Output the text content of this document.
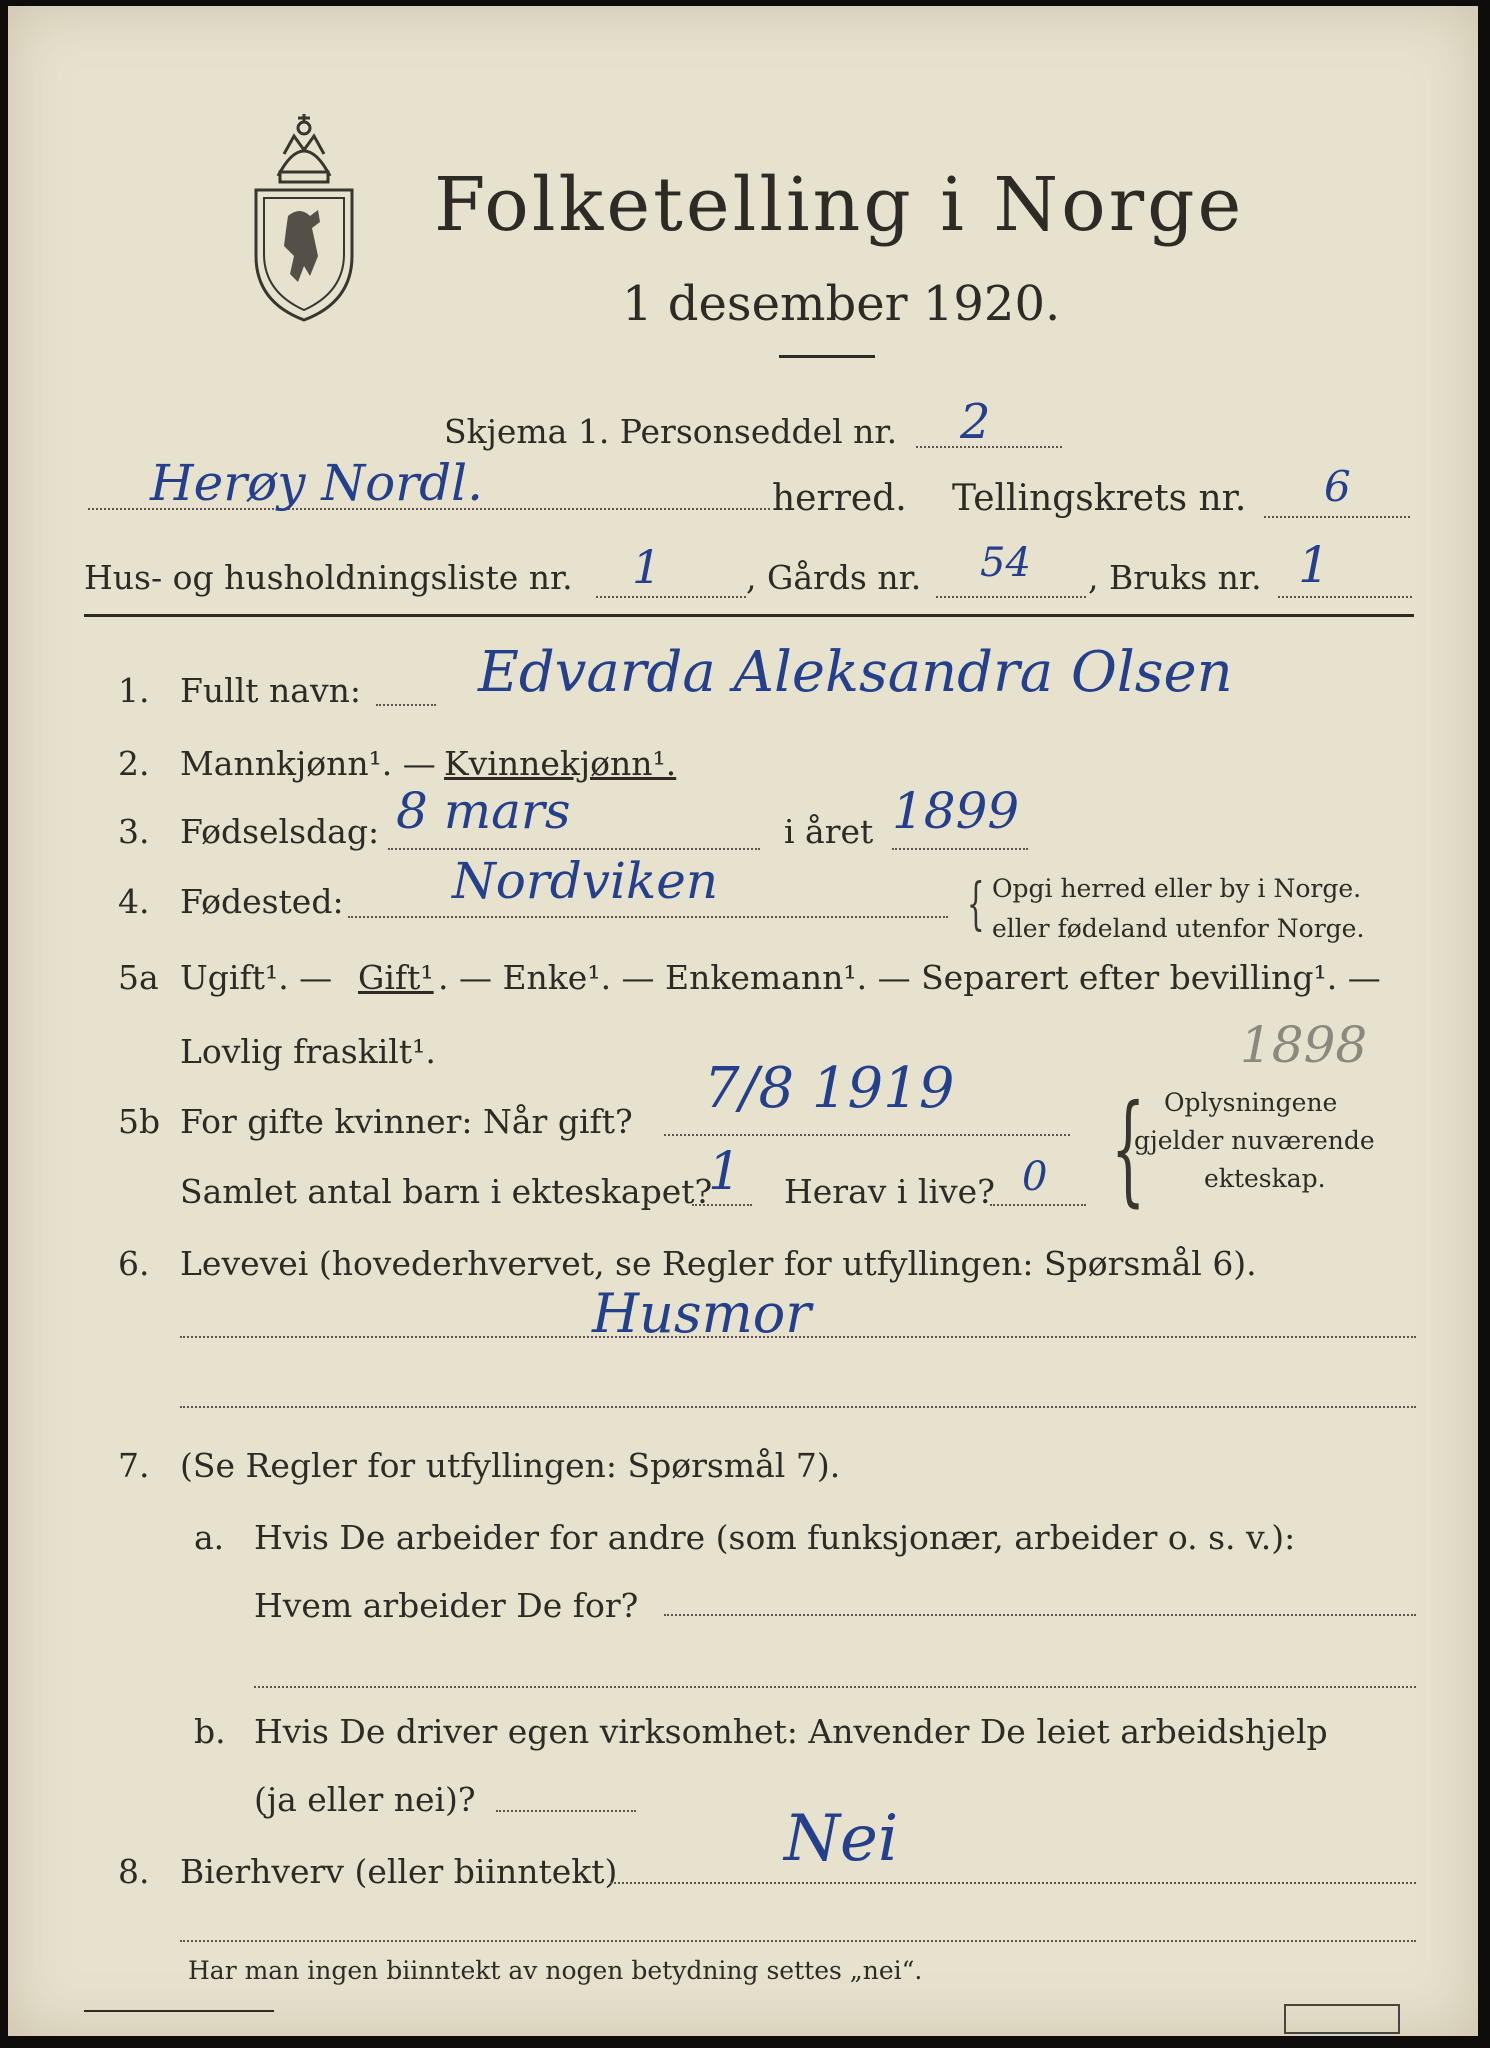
Folketelling i Norge
1 desember 1920.
Skjema 1. Personseddel nr. 2
Herøy Nordl.	herred. Tellingskrets nr. 6
Hus- og husholdningsliste nr. 1	, Gårds nr. 54 , Bruks nr. 1
1. Fullt navn: Edvarda Aleksandra Olsen
2. Mannkjønn¹. — Kvinnekjønn¹.
3. Fødselsdag: 8 mars	i året 1899
4. Fødested: Nordviken	{ Opgi herred eller by i Norge.
eller fødeland utenfor Norge.
5a Ugift¹. — Gift¹ . — Enke¹. — Enkemann¹. — Separert efter bevilling¹. —
Lovlig fraskilt¹.	1898
5b For gifte kvinner: Når gift?
7/8 1919
Samlet antal barn i ekteskapet?
1 Herav i live? 0 { Oplysningene
gjelder nuværende
ekteskap.
6. Levevei (hovederhvervet, se Regler for utfyllingen: Spørsmål 6).
Husmor
7. (Se Regler for utfyllingen: Spørsmål 7).
a. Hvis De arbeider for andre (som funksjonær, arbeider o. s. v.):
Hvem arbeider De for?
b. Hvis De driver egen virksomhet: Anvender De leiet arbeidshjelp
(ja eller nei)?
8. Bierhverv (eller biinntekt)	Nei
Har man ingen biinntekt av nogen betydning settes „nei“.
